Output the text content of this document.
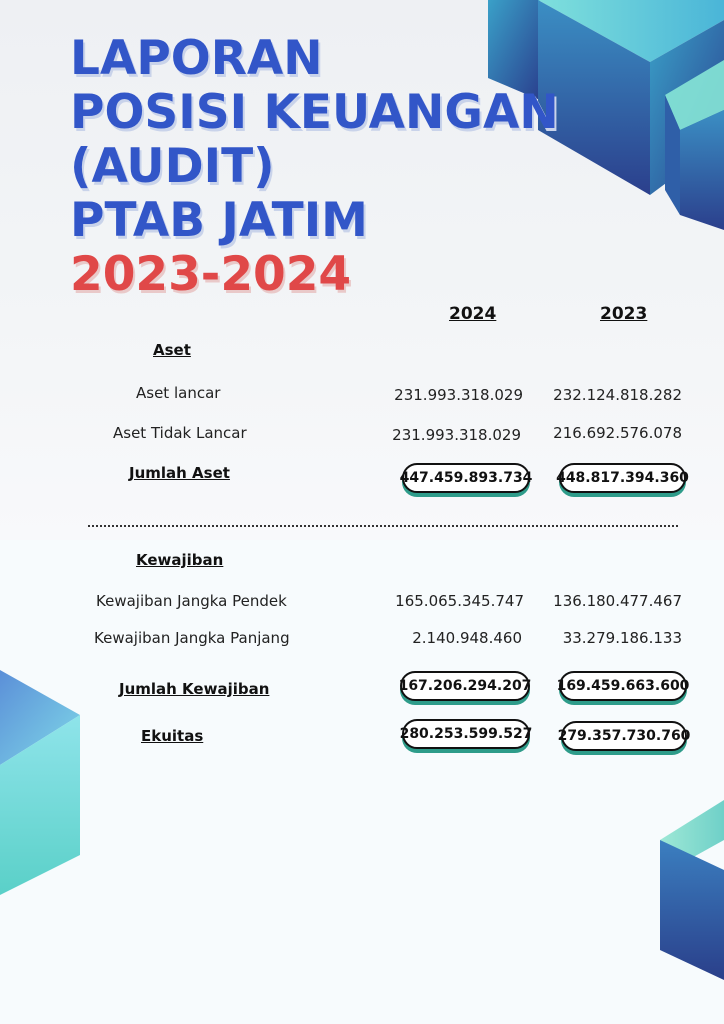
LAPORAN
POSISI KEUANGAN
(AUDIT)
PTAB JATIM
2023-2024
2024	2023
Aset
Aset lancar	231.993.318.029	232.124.818.282
Aset Tidak Lancar	231.993.318.029	216.692.576.078
Jumlah Aset	447.459.893.734 448.817.394.360
Kewajiban
Kewajiban Jangka Pendek	165.065.345.747	136.180.477.467
Kewajiban Jangka Panjang	2.140.948.460	33.279.186.133
Jumlah Kewajiban	167.206.294.207 169.459.663.600
Ekuitas	280.253.599.527 279.357.730.760
